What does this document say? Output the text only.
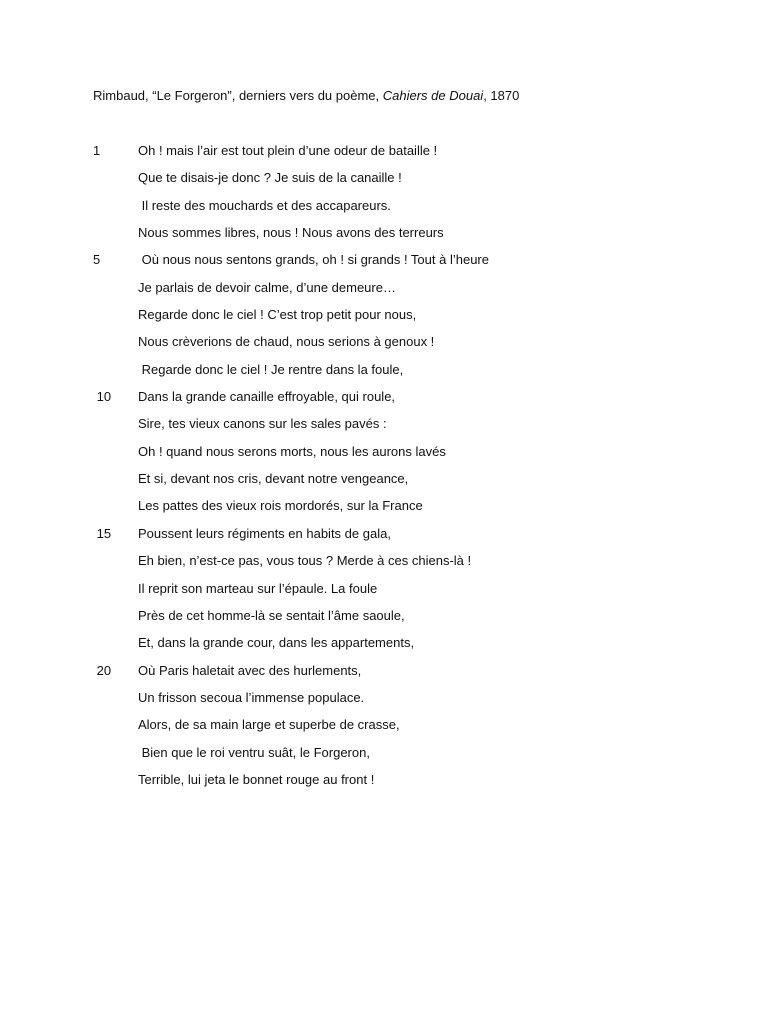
Rimbaud, “Le Forgeron”, derniers vers du poème, Cahiers de Douai, 1870
1	Oh ! mais l’air est tout plein d’une odeur de bataille !
Que te disais-je donc ? Je suis de la canaille !
Il reste des mouchards et des accapareurs.
Nous sommes libres, nous ! Nous avons des terreurs
5	Où nous nous sentons grands, oh ! si grands ! Tout à l’heure
Je parlais de devoir calme, d’une demeure…
Regarde donc le ciel ! C’est trop petit pour nous,
Nous crèverions de chaud, nous serions à genoux !
Regarde donc le ciel ! Je rentre dans la foule,
10 Dans la grande canaille effroyable, qui roule,
Sire, tes vieux canons sur les sales pavés :
Oh ! quand nous serons morts, nous les aurons lavés
Et si, devant nos cris, devant notre vengeance,
Les pattes des vieux rois mordorés, sur la France
15 Poussent leurs régiments en habits de gala,
Eh bien, n’est-ce pas, vous tous ? Merde à ces chiens-là !
Il reprit son marteau sur l’épaule. La foule
Près de cet homme-là se sentait l’âme saoule,
Et, dans la grande cour, dans les appartements,
20 Où Paris haletait avec des hurlements,
Un frisson secoua l’immense populace.
Alors, de sa main large et superbe de crasse,
Bien que le roi ventru suât, le Forgeron,
Terrible, lui jeta le bonnet rouge au front !
